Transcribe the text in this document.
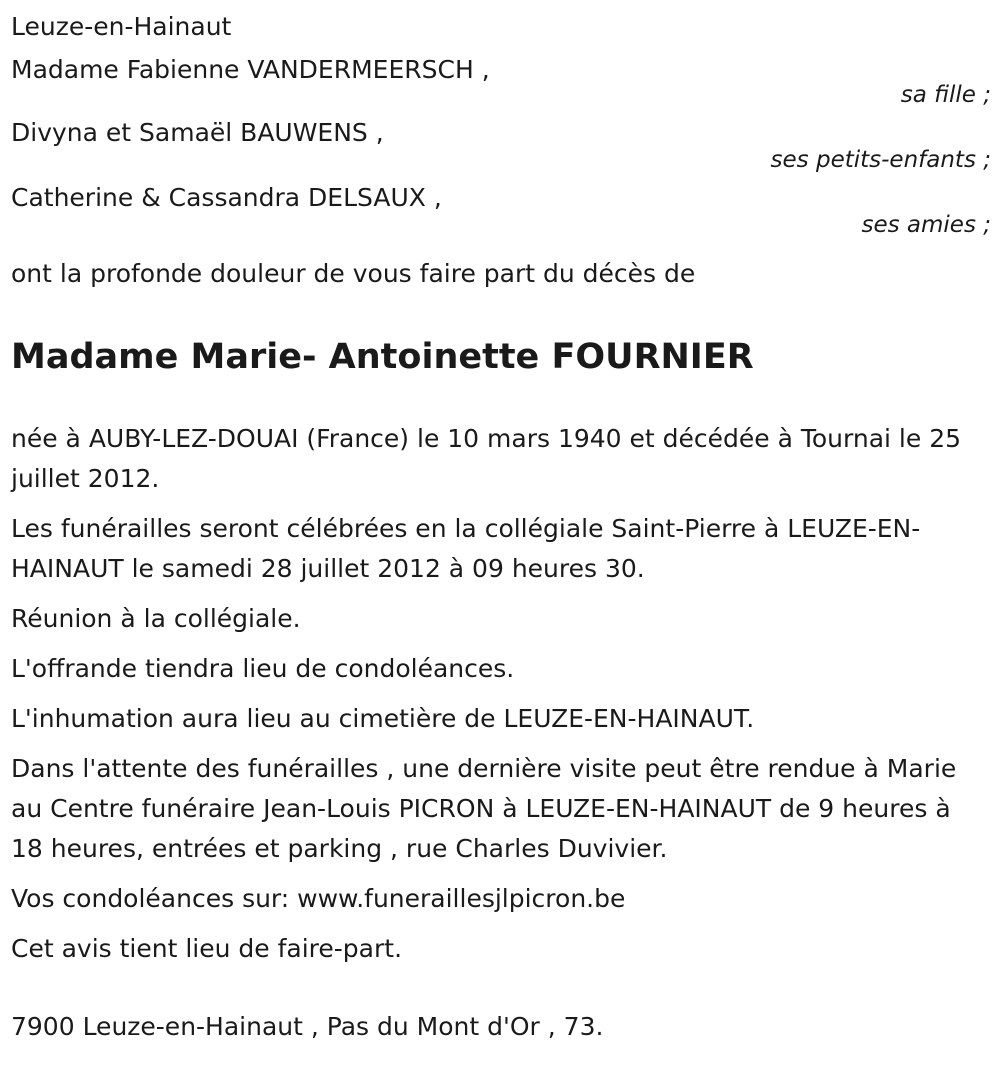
Leuze-en-Hainaut
Madame Fabienne VANDERMEERSCH ,
sa fille ;
Divyna et Samaël BAUWENS ,
ses petits-enfants ;
Catherine & Cassandra DELSAUX ,
ses amies ;
ont la profonde douleur de vous faire part du décès de
Madame Marie- Antoinette FOURNIER

née à AUBY-LEZ-DOUAI (France) le 10 mars 1940 et décédée à Tournai le 25 juillet 2012.

Les funérailles seront célébrées en la collégiale Saint-Pierre à LEUZE-EN-HAINAUT le samedi 28 juillet 2012 à 09 heures 30.

Réunion à la collégiale.

L'offrande tiendra lieu de condoléances.

L'inhumation aura lieu au cimetière de LEUZE-EN-HAINAUT.

Dans l'attente des funérailles , une dernière visite peut être rendue à Marie au Centre funéraire Jean-Louis PICRON à LEUZE-EN-HAINAUT de 9 heures à 18 heures, entrées et parking , rue Charles Duvivier.

Vos condoléances sur: www.funeraillesjlpicron.be

Cet avis tient lieu de faire-part.

7900 Leuze-en-Hainaut , Pas du Mont d'Or , 73.
